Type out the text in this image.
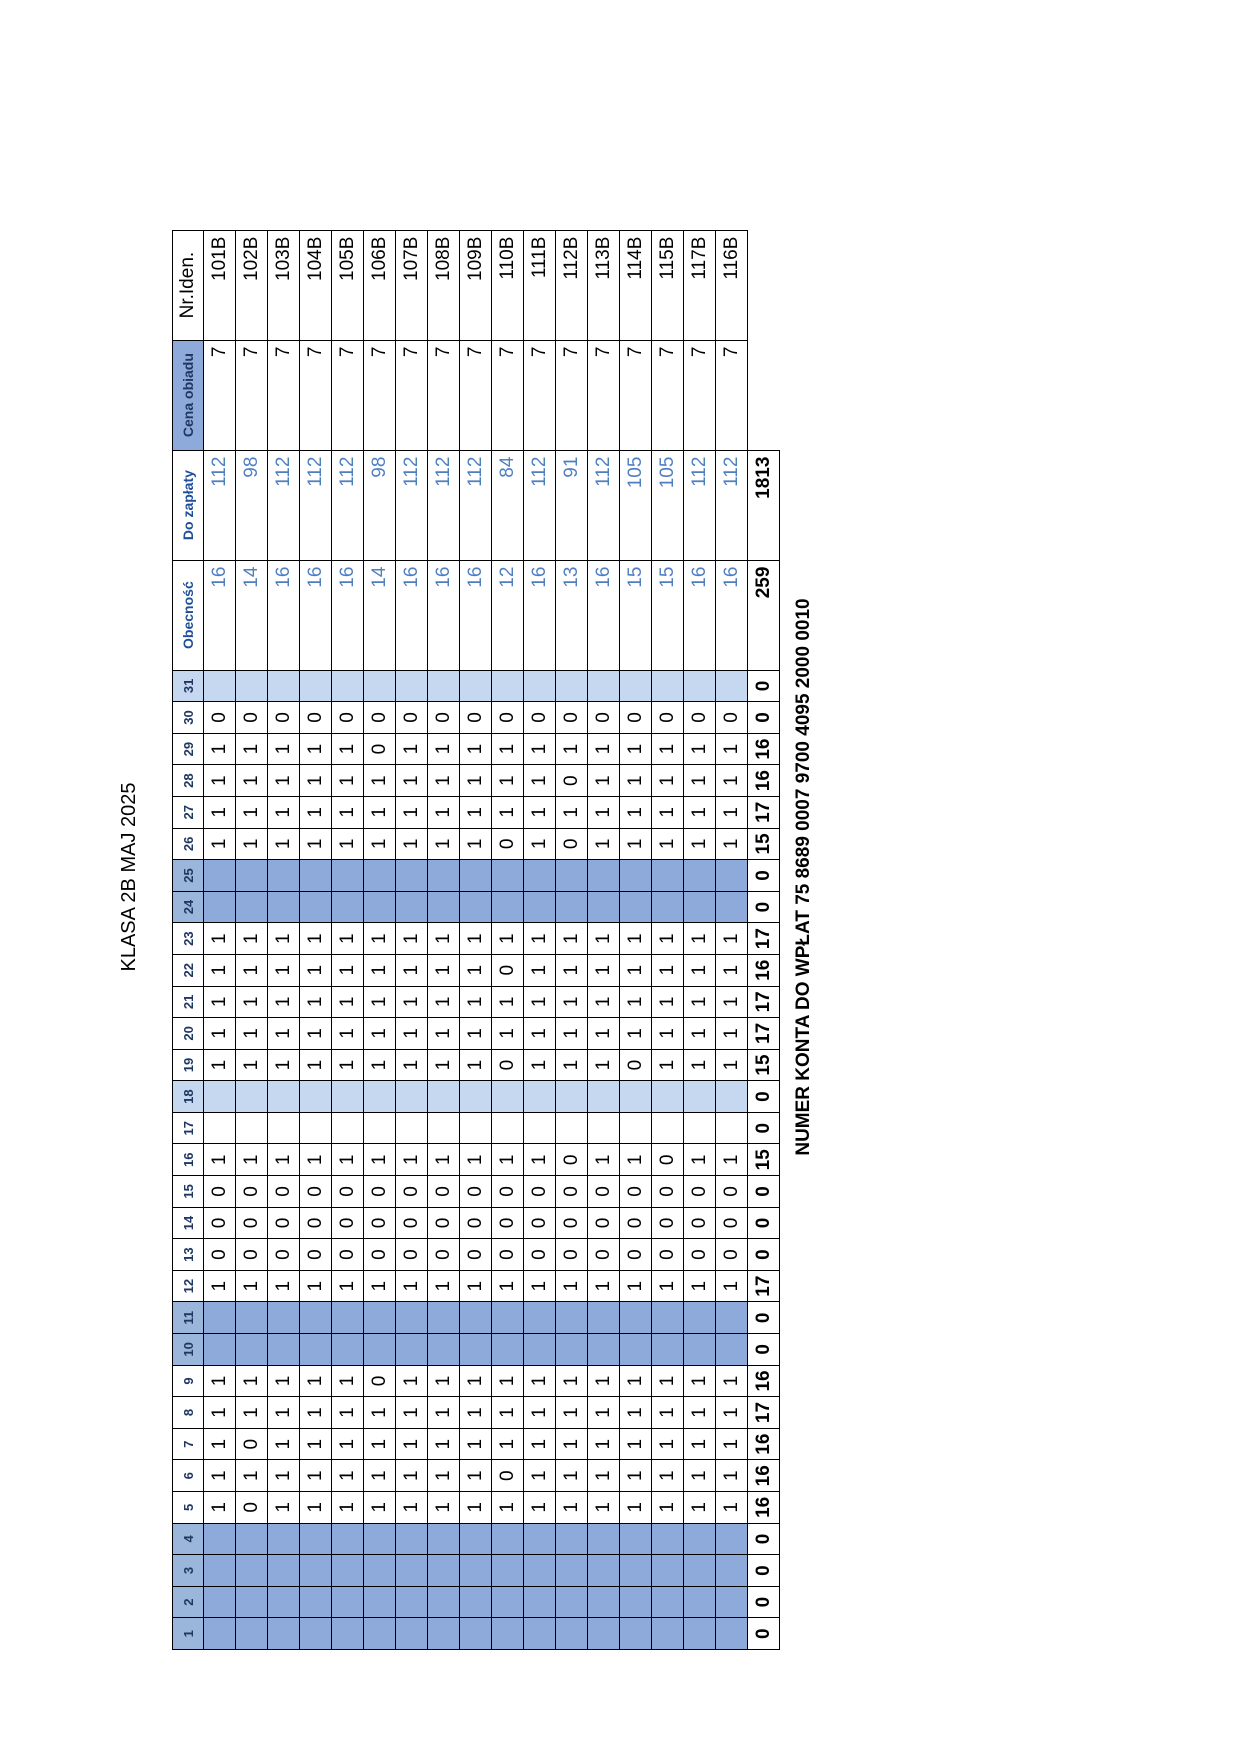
KLASA 2B MAJ 2025
1	2	3	4	5	6	7	8	9	10	11	12	13	14	15	16	17	18	19	20	21	22	23	24	25	26	27	28	29	30	31	Obecność	Do zapłaty	Cena obiadu	Nr.Iden.
				1	1	1	1	1			1	0	0	0	1			1	1	1	1	1			1	1	1	1	0		16	112	7	101B
				0	1	0	1	1			1	0	0	0	1			1	1	1	1	1			1	1	1	1	0		14	98	7	102B
				1	1	1	1	1			1	0	0	0	1			1	1	1	1	1			1	1	1	1	0		16	112	7	103B
				1	1	1	1	1			1	0	0	0	1			1	1	1	1	1			1	1	1	1	0		16	112	7	104B
				1	1	1	1	1			1	0	0	0	1			1	1	1	1	1			1	1	1	1	0		16	112	7	105B
				1	1	1	1	0			1	0	0	0	1			1	1	1	1	1			1	1	1	0	0		14	98	7	106B
				1	1	1	1	1			1	0	0	0	1			1	1	1	1	1			1	1	1	1	0		16	112	7	107B
				1	1	1	1	1			1	0	0	0	1			1	1	1	1	1			1	1	1	1	0		16	112	7	108B
				1	1	1	1	1			1	0	0	0	1			1	1	1	1	1			1	1	1	1	0		16	112	7	109B
				1	0	1	1	1			1	0	0	0	1			0	1	1	0	1			0	1	1	1	0		12	84	7	110B
				1	1	1	1	1			1	0	0	0	1			1	1	1	1	1			1	1	1	1	0		16	112	7	111B
				1	1	1	1	1			1	0	0	0	0			1	1	1	1	1			0	1	0	1	0		13	91	7	112B
				1	1	1	1	1			1	0	0	0	1			1	1	1	1	1			1	1	1	1	0		16	112	7	113B
				1	1	1	1	1			1	0	0	0	1			0	1	1	1	1			1	1	1	1	0		15	105	7	114B
				1	1	1	1	1			1	0	0	0	0			1	1	1	1	1			1	1	1	1	0		15	105	7	115B
				1	1	1	1	1			1	0	0	0	1			1	1	1	1	1			1	1	1	1	0		16	112	7	117B
				1	1	1	1	1			1	0	0	0	1			1	1	1	1	1			1	1	1	1	0		16	112	7	116B
0	0	0	0	16	16	16	17	16	0	0	17	0	0	0	15	0	0	15	17	17	16	17	0	0	15	17	16	16	0	0	259	1813		
NUMER KONTA DO WPŁAT 75 8689 0007 9700 4095 2000 0010
